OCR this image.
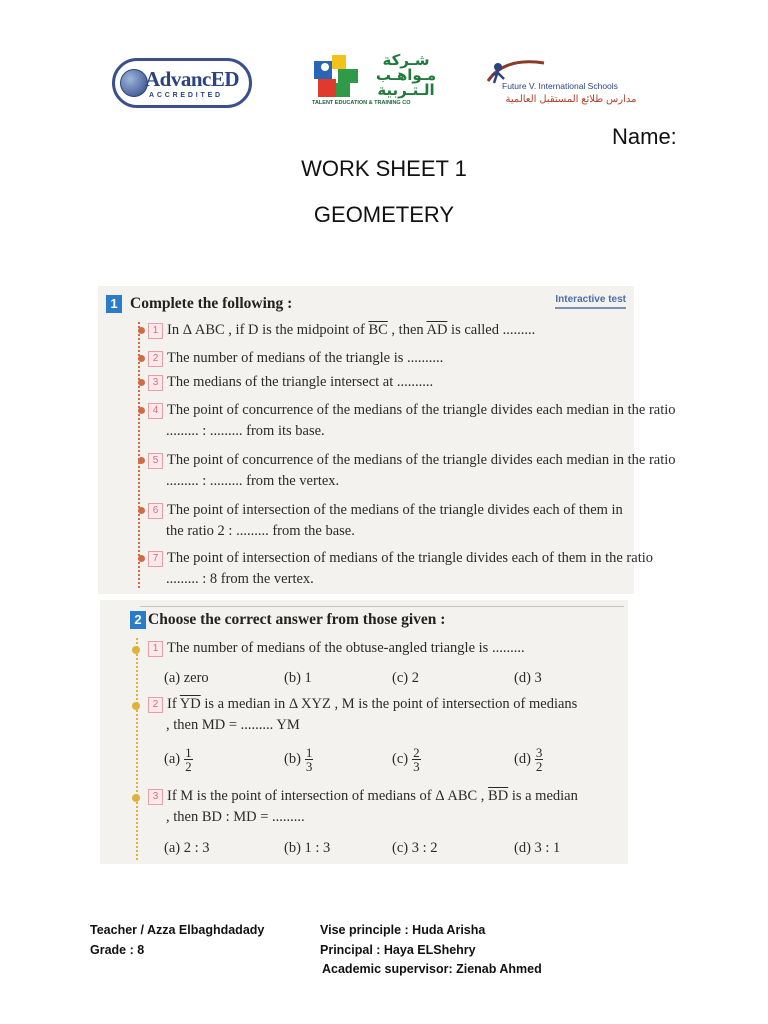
AdvancED
ACCREDITED
شـركة مـواهـب الـتـربية
TALENT EDUCATION & TRAINING CO
Future V. International Schools
مدارس طلائع المستقبل العالمية
Name:
WORK SHEET 1
GEOMETERY
1 Complete the following :	Interactive test
1 In Δ ABC , if D is the midpoint of $\overline{BC}$ , then $\overline{AD}$ is called .........
2 The number of medians of the triangle is ..........
3 The medians of the triangle intersect at ..........
4 The point of concurrence of the medians of the triangle divides each median in the ratio
......... : ......... from its base.
5 The point of concurrence of the medians of the triangle divides each median in the ratio
......... : ......... from the vertex.
6 The point of intersection of the medians of the triangle divides each of them in
the ratio 2 : ......... from the base.
7 The point of intersection of medians of the triangle divides each of them in the ratio
......... : 8 from the vertex.
2 Choose the correct answer from those given :
1 The number of medians of the obtuse-angled triangle is .........
(a) zero	(b) 1	(c) 2	(d) 3
2 If $\overline{YD}$ is a median in Δ XYZ , M is the point of intersection of medians
, then MD = ......... YM
$(a) \frac{1}{2}$	$(b) \frac{1}{3}$	$(c) \frac{2}{3}$	$(d) \frac{3}{2}$
3 If M is the point of intersection of medians of Δ ABC , $\overline{BD}$ is a median
, then BD : MD = .........
(a) 2 : 3	(b) 1 : 3	(c) 3 : 2	(d) 3 : 1
Teacher / Azza Elbaghdadady
Grade : 8
Vise principle : Huda Arisha
Principal : Haya ELShehry
Academic supervisor: Zienab Ahmed
